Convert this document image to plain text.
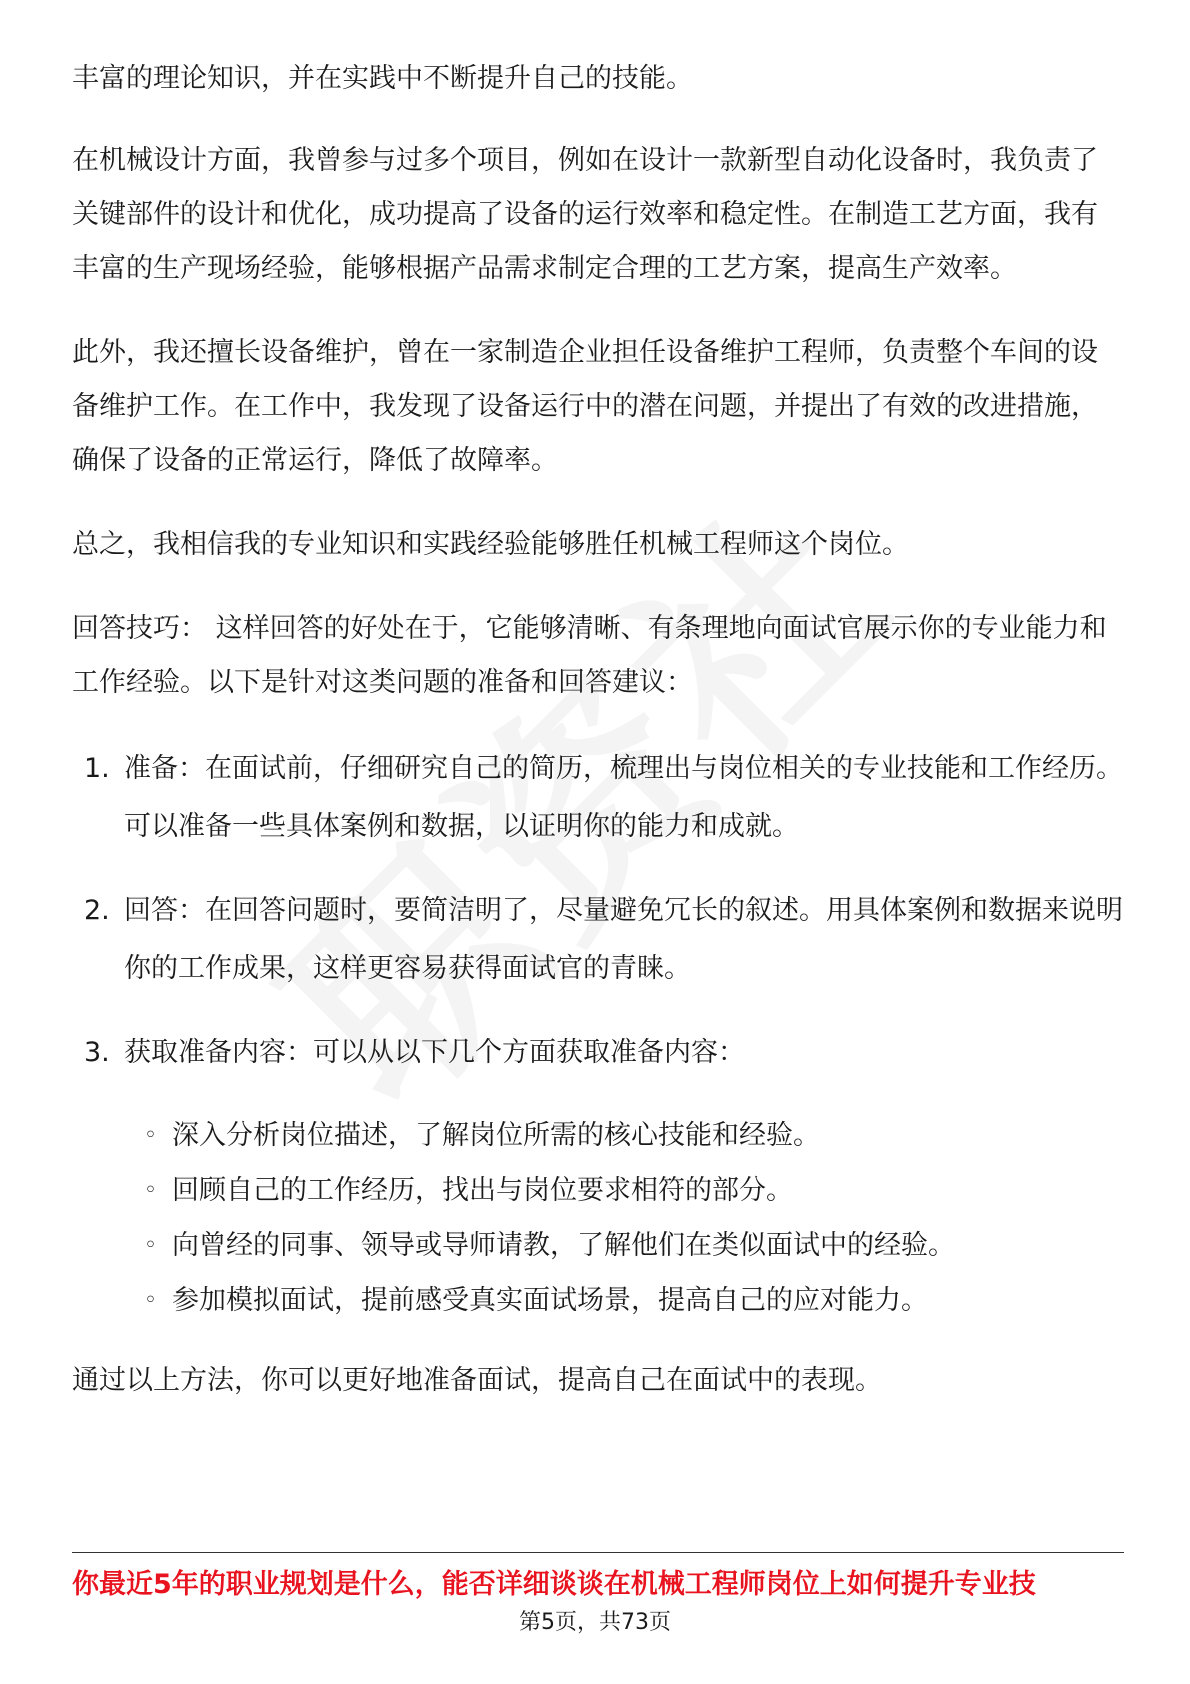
丰富的理论知识，并在实践中不断提升自己的技能。

在机械设计方面，我曾参与过多个项目，例如在设计一款新型自动化设备时，我负责了关键部件的设计和优化，成功提高了设备的运行效率和稳定性。在制造工艺方面，我有丰富的生产现场经验，能够根据产品需求制定合理的工艺方案，提高生产效率。

此外，我还擅长设备维护，曾在一家制造企业担任设备维护工程师，负责整个车间的设备维护工作。在工作中，我发现了设备运行中的潜在问题，并提出了有效的改进措施，确保了设备的正常运行，降低了故障率。

总之，我相信我的专业知识和实践经验能够胜任机械工程师这个岗位。

回答技巧： 这样回答的好处在于，它能够清晰、有条理地向面试官展示你的专业能力和工作经验。以下是针对这类问题的准备和回答建议：

1. 准备：在面试前，仔细研究自己的简历，梳理出与岗位相关的专业技能和工作经历。可以准备一些具体案例和数据，以证明你的能力和成就。
2. 回答：在回答问题时，要简洁明了，尽量避免冗长的叙述。用具体案例和数据来说明你的工作成果，这样更容易获得面试官的青睐。
3. 获取准备内容：可以从以下几个方面获取准备内容：
◦ 深入分析岗位描述，了解岗位所需的核心技能和经验。
◦ 回顾自己的工作经历，找出与岗位要求相符的部分。
◦ 向曾经的同事、领导或导师请教，了解他们在类似面试中的经验。
◦ 参加模拟面试，提前感受真实面试场景，提高自己的应对能力。

通过以上方法，你可以更好地准备面试，提高自己在面试中的表现。

你最近5年的职业规划是什么，能否详细谈谈在机械工程师岗位上如何提升专业技
第5页，共73页
